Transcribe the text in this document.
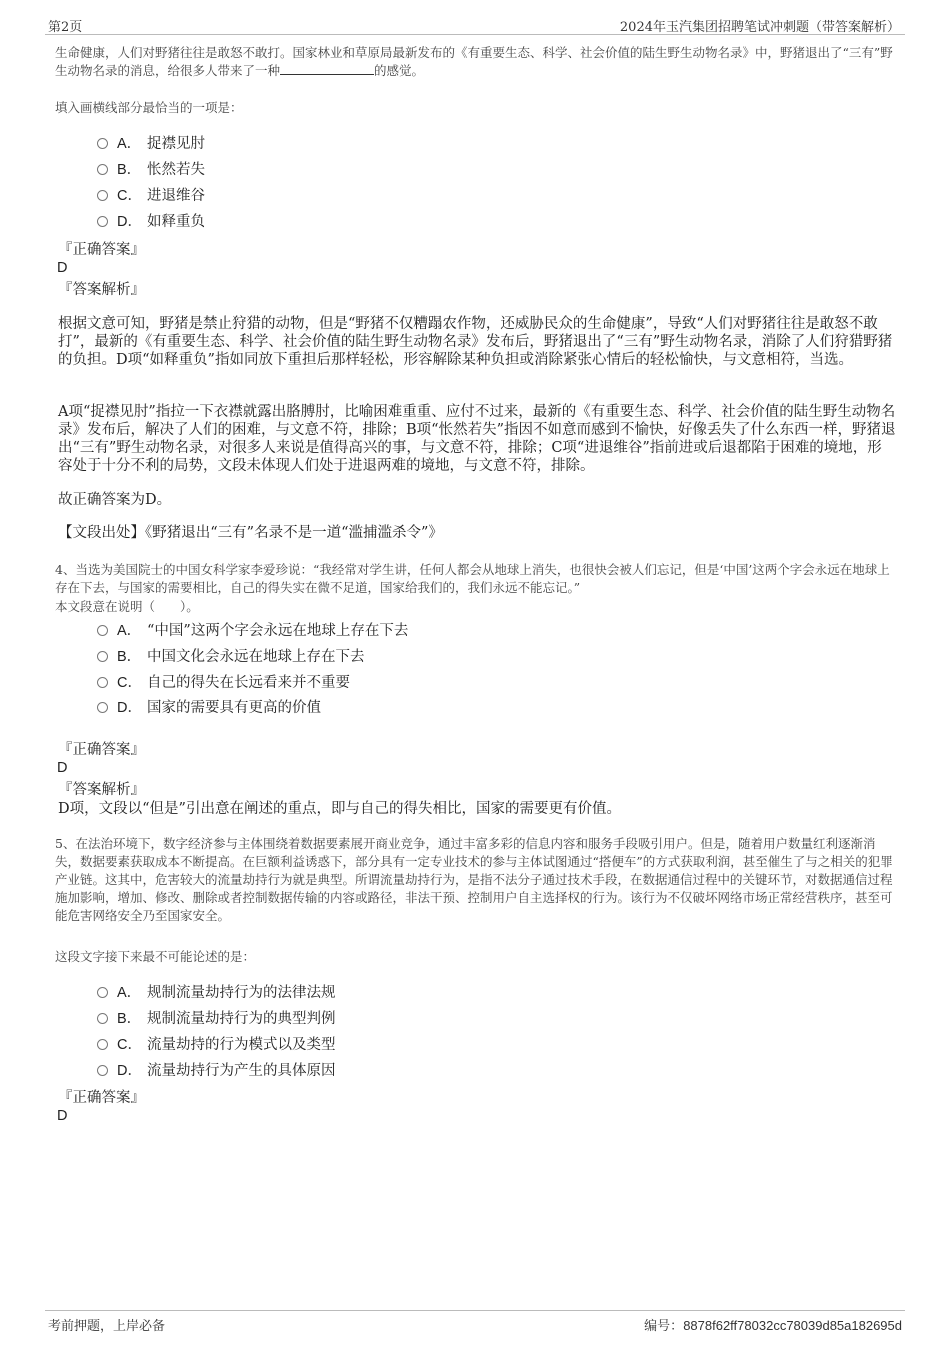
第2页	2024年玉汽集团招聘笔试冲刺题（带答案解析）
生命健康，人们对野猪往往是敢怒不敢打。国家林业和草原局最新发布的《有重要生态、科学、社会价值的陆生野生动物名录》中，野猪退出了“三有”野生动物名录的消息，给很多人带来了一种	的感觉。
填入画横线部分最恰当的一项是：
A． 捉襟见肘
B． 怅然若失
C． 进退维谷
D． 如释重负
『正确答案』
D
『答案解析』
根据文意可知，野猪是禁止狩猎的动物，但是“野猪不仅糟蹋农作物，还威胁民众的生命健康”，导致“人们对野猪往往是敢怒不敢打”，最新的《有重要生态、科学、社会价值的陆生野生动物名录》发布后，野猪退出了“三有”野生动物名录，消除了人们狩猎野猪的负担。D项“如释重负”指如同放下重担后那样轻松，形容解除某种负担或消除紧张心情后的轻松愉快，与文意相符，当选。
A项“捉襟见肘”指拉一下衣襟就露出胳膊肘，比喻困难重重、应付不过来，最新的《有重要生态、科学、社会价值的陆生野生动物名录》发布后，解决了人们的困难，与文意不符，排除；B项“怅然若失”指因不如意而感到不愉快，好像丢失了什么东西一样，野猪退出“三有”野生动物名录，对很多人来说是值得高兴的事，与文意不符，排除；C项“进退维谷”指前进或后退都陷于困难的境地，形容处于十分不利的局势，文段未体现人们处于进退两难的境地，与文意不符，排除。
故正确答案为D。
【文段出处】《野猪退出“三有”名录不是一道“滥捕滥杀令”》
4、当选为美国院士的中国女科学家李爱珍说：“我经常对学生讲，任何人都会从地球上消失，也很快会被人们忘记，但是‘中国’这两个字会永远在地球上存在下去，与国家的需要相比，自己的得失实在微不足道，国家给我们的，我们永远不能忘记。”
本文段意在说明（　　）。
A． “中国”这两个字会永远在地球上存在下去
B． 中国文化会永远在地球上存在下去
C． 自己的得失在长远看来并不重要
D． 国家的需要具有更高的价值
『正确答案』
D
『答案解析』
D项，文段以“但是”引出意在阐述的重点，即与自己的得失相比，国家的需要更有价值。
5、在法治环境下，数字经济参与主体围绕着数据要素展开商业竞争，通过丰富多彩的信息内容和服务手段吸引用户。但是，随着用户数量红利逐渐消失，数据要素获取成本不断提高。在巨额利益诱惑下，部分具有一定专业技术的参与主体试图通过“搭便车”的方式获取利润，甚至催生了与之相关的犯罪产业链。这其中，危害较大的流量劫持行为就是典型。所谓流量劫持行为，是指不法分子通过技术手段，在数据通信过程中的关键环节，对数据通信过程施加影响，增加、修改、删除或者控制数据传输的内容或路径，非法干预、控制用户自主选择权的行为。该行为不仅破坏网络市场正常经营秩序，甚至可能危害网络安全乃至国家安全。
这段文字接下来最不可能论述的是：
A． 规制流量劫持行为的法律法规
B． 规制流量劫持行为的典型判例
C． 流量劫持的行为模式以及类型
D． 流量劫持行为产生的具体原因
『正确答案』
D
考前押题，上岸必备	编号：8878f62ff78032cc78039d85a182695d
